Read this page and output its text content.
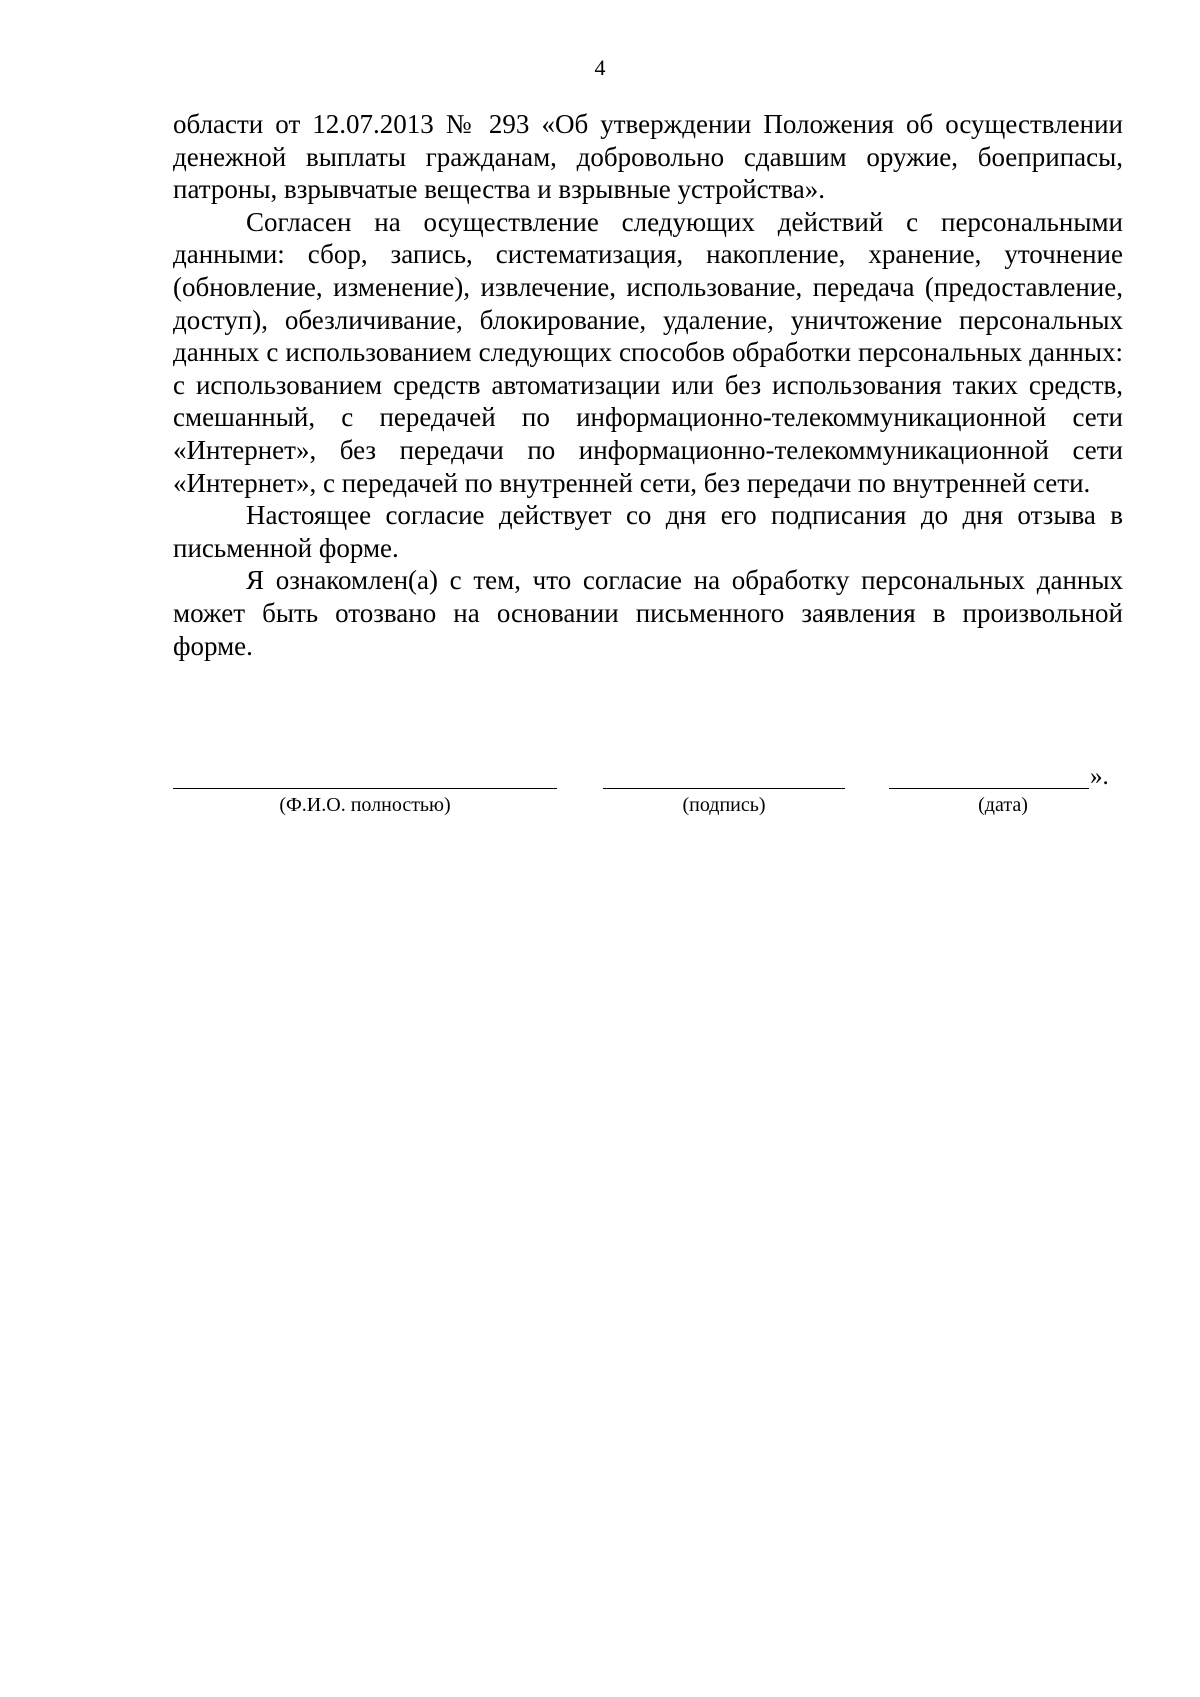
4

области от 12.07.2013 № 293 «Об утверждении Положения об осуществлении денежной выплаты гражданам, добровольно сдавшим оружие, боеприпасы, патроны, взрывчатые вещества и взрывные устройства».

Согласен на осуществление следующих действий с персональными данными: сбор, запись, систематизация, накопление, хранение, уточнение (обновление, изменение), извлечение, использование, передача (предоставление, доступ), обезличивание, блокирование, удаление, уничтожение персональных данных с использованием следующих способов обработки персональных данных: с использованием средств автоматизации или без использования таких средств, смешанный, с передачей по информационно-телекоммуникационной сети «Интернет», без передачи по информационно-телекоммуникационной сети «Интернет», с передачей по внутренней сети, без передачи по внутренней сети.

Настоящее согласие действует со дня его подписания до дня отзыва в письменной форме.

Я ознакомлен(а) с тем, что согласие на обработку персональных данных может быть отозвано на основании письменного заявления в произвольной форме.

».
(Ф.И.О. полностью)	(подпись)	(дата)
